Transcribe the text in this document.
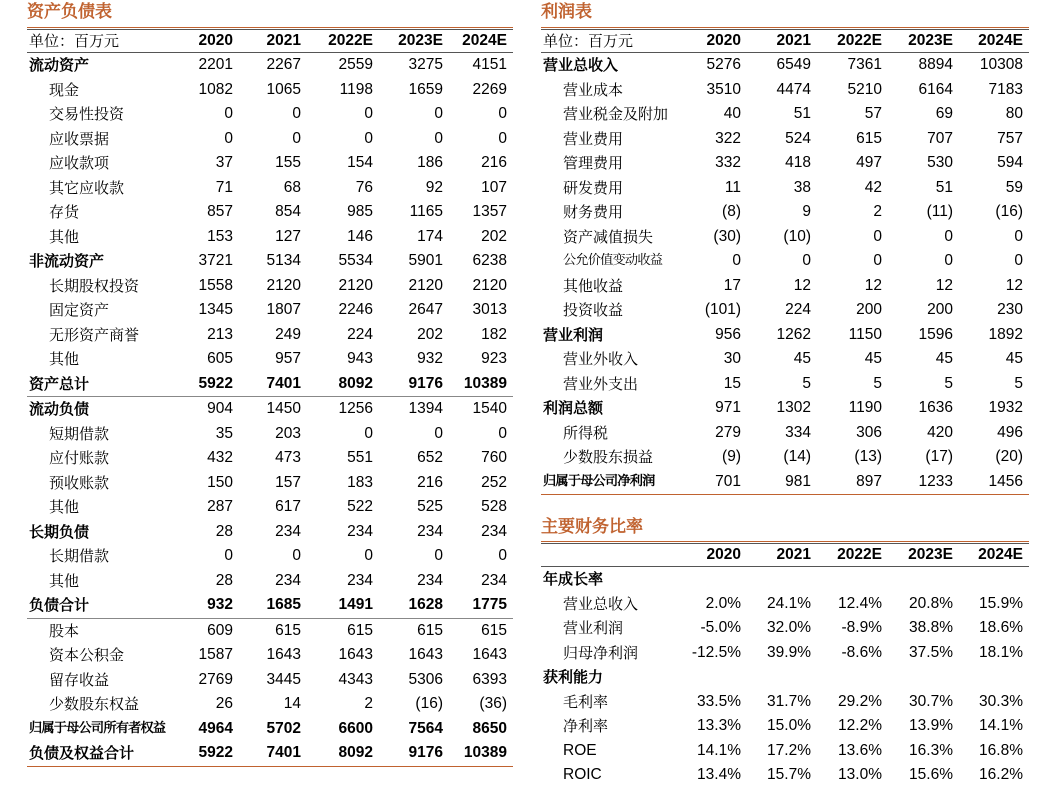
资产负债表
单位：百万元	2020	2021	2022E	2023E	2024E
流动资产	2201	2267	2559	3275	4151
现金	1082	1065	1198	1659	2269
交易性投资	0	0	0	0	0
应收票据	0	0	0	0	0
应收款项	37	155	154	186	216
其它应收款	71	68	76	92	107
存货	857	854	985	1165	1357
其他	153	127	146	174	202
非流动资产	3721	5134	5534	5901	6238
长期股权投资	1558	2120	2120	2120	2120
固定资产	1345	1807	2246	2647	3013
无形资产商誉	213	249	224	202	182
其他	605	957	943	932	923
资产总计	5922	7401	8092	9176	10389
流动负债	904	1450	1256	1394	1540
短期借款	35	203	0	0	0
应付账款	432	473	551	652	760
预收账款	150	157	183	216	252
其他	287	617	522	525	528
长期负债	28	234	234	234	234
长期借款	0	0	0	0	0
其他	28	234	234	234	234
负债合计	932	1685	1491	1628	1775
股本	609	615	615	615	615
资本公积金	1587	1643	1643	1643	1643
留存收益	2769	3445	4343	5306	6393
少数股东权益	26	14	2	(16)	(36)
归属于母公司所有者权益	4964	5702	6600	7564	8650
负债及权益合计	5922	7401	8092	9176	10389
利润表
单位：百万元	2020	2021	2022E	2023E	2024E
营业总收入	5276	6549	7361	8894	10308
营业成本	3510	4474	5210	6164	7183
营业税金及附加	40	51	57	69	80
营业费用	322	524	615	707	757
管理费用	332	418	497	530	594
研发费用	11	38	42	51	59
财务费用	(8)	9	2	(11)	(16)
资产减值损失	(30)	(10)	0	0	0
公允价值变动收益	0	0	0	0	0
其他收益	17	12	12	12	12
投资收益	(101)	224	200	200	230
营业利润	956	1262	1150	1596	1892
营业外收入	30	45	45	45	45
营业外支出	15	5	5	5	5
利润总额	971	1302	1190	1636	1932
所得税	279	334	306	420	496
少数股东损益	(9)	(14)	(13)	(17)	(20)
归属于母公司净利润	701	981	897	1233	1456
主要财务比率
	2020	2021	2022E	2023E	2024E
年成长率					
营业总收入	2.0%	24.1%	12.4%	20.8%	15.9%
营业利润	-5.0%	32.0%	-8.9%	38.8%	18.6%
归母净利润	-12.5%	39.9%	-8.6%	37.5%	18.1%
获利能力					
毛利率	33.5%	31.7%	29.2%	30.7%	30.3%
净利率	13.3%	15.0%	12.2%	13.9%	14.1%
ROE	14.1%	17.2%	13.6%	16.3%	16.8%
ROIC	13.4%	15.7%	13.0%	15.6%	16.2%
